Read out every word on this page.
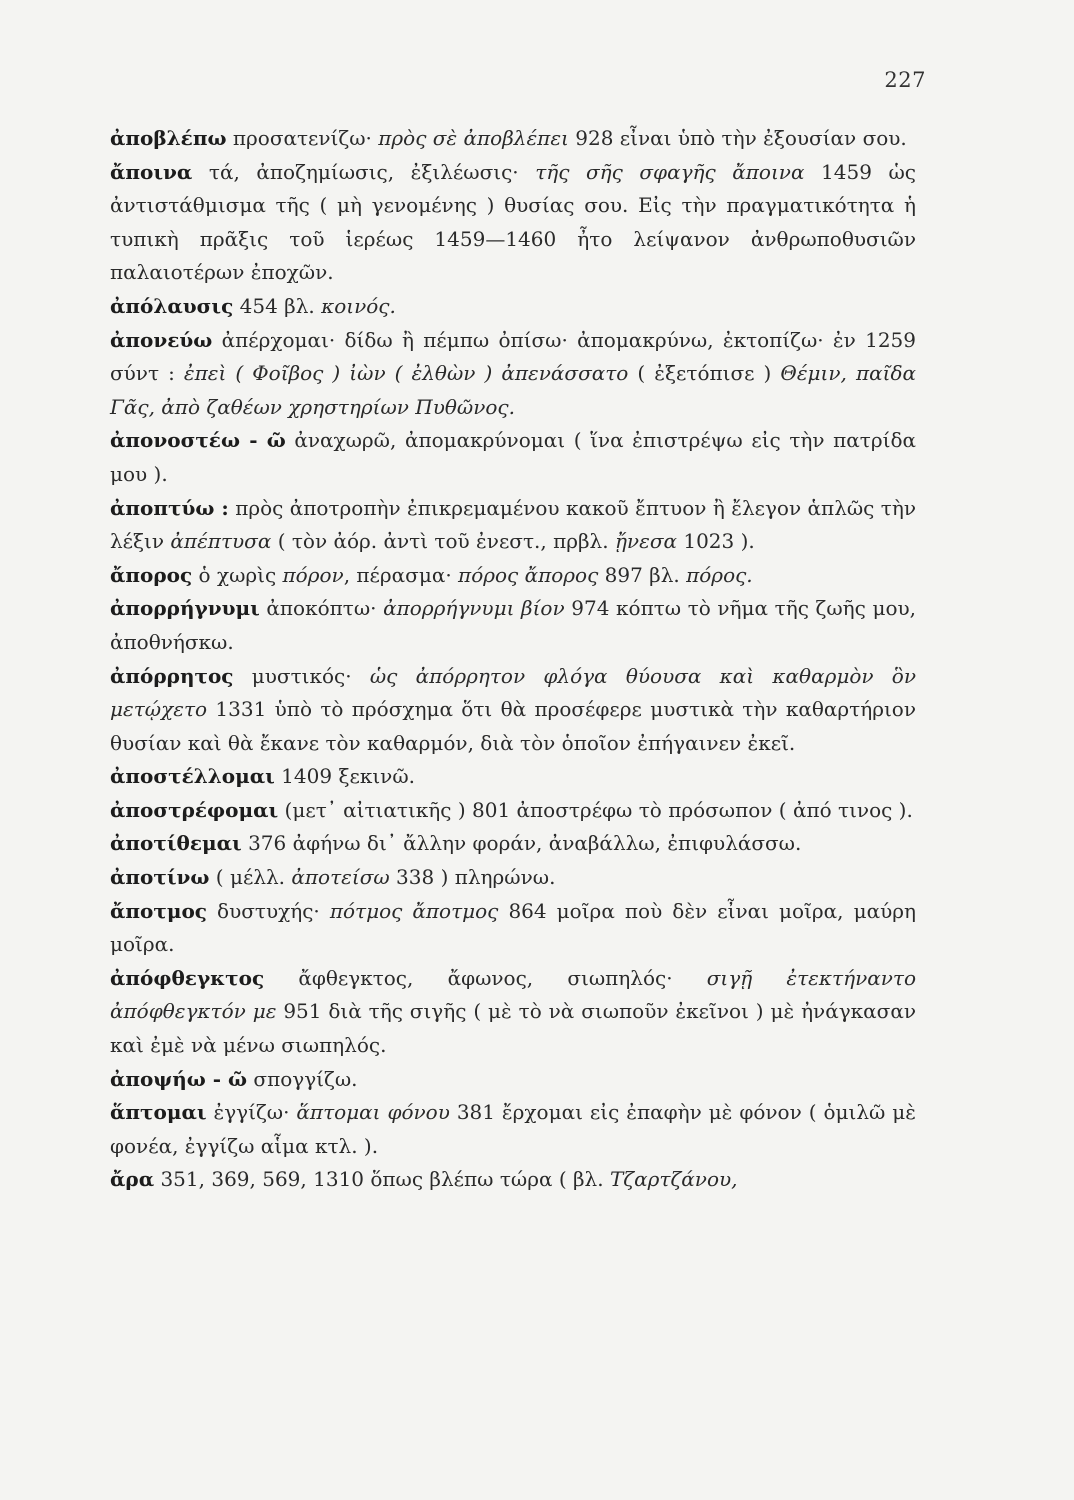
227

ἀποβλέπω προσατενίζω· πρὸς σὲ ἀποβλέπει 928 εἶναι ὑπὸ τὴν ἐξουσίαν σου.

ἄποινα τά, ἀποζημίωσις, ἐξιλέωσις· τῆς σῆς σφαγῆς ἄποινα 1459 ὡς ἀντιστάθμισμα τῆς ( μὴ γενομένης ) θυσίας σου. Εἰς τὴν πραγματικότητα ἡ τυπικὴ πρᾶξις τοῦ ἱερέως 1459—1460 ἦτο λείψανον ἀνθρωποθυσιῶν παλαιοτέρων ἐποχῶν.

ἀπόλαυσις 454 βλ. κοινός.

ἀπονεύω ἀπέρχομαι· δίδω ἢ πέμπω ὀπίσω· ἀπομακρύνω, ἐκτοπίζω· ἐν 1259 σύντ : ἐπεὶ ( Φοῖβος ) ἰὼν ( ἐλθὼν ) ἀπενάσσατο ( ἐξετόπισε ) Θέμιν, παῖδα Γᾶς, ἀπὸ ζαθέων χρηστηρίων Πυθῶνος.

ἀπονοστέω - ῶ ἀναχωρῶ, ἀπομακρύνομαι ( ἵνα ἐπιστρέψω εἰς τὴν πατρίδα μου ).

ἀποπτύω : πρὸς ἀποτροπὴν ἐπικρεμαμένου κακοῦ ἔπτυον ἢ ἔλεγον ἁπλῶς τὴν λέξιν ἀπέπτυσα ( τὸν ἀόρ. ἀντὶ τοῦ ἐνεστ., πρβλ. ᾔνεσα 1023 ).

ἄπορος ὁ χωρὶς πόρον, πέρασμα· πόρος ἄπορος 897 βλ. πόρος.

ἀπορρήγνυμι ἀποκόπτω· ἀπορρήγνυμι βίον 974 κόπτω τὸ νῆμα τῆς ζωῆς μου, ἀποθνήσκω.

ἀπόρρητος μυστικός· ὡς ἀπόρρητον φλόγα θύουσα καὶ καθαρμὸν ὃν μετῴχετο 1331 ὑπὸ τὸ πρόσχημα ὅτι θὰ προσέφερε μυστικὰ τὴν καθαρτήριον θυσίαν καὶ θὰ ἔκανε τὸν καθαρμόν, διὰ τὸν ὁποῖον ἐπήγαινεν ἐκεῖ.

ἀποστέλλομαι 1409 ξεκινῶ.

ἀποστρέφομαι (μετ᾽ αἰτιατικῆς ) 801 ἀποστρέφω τὸ πρόσωπον ( ἀπό τινος ).

ἀποτίθεμαι 376 ἀφήνω δι᾽ ἄλλην φοράν, ἀναβάλλω, ἐπιφυλάσσω.

ἀποτίνω ( μέλλ. ἀποτείσω 338 ) πληρώνω.

ἄποτμος δυστυχής· πότμος ἄποτμος 864 μοῖρα ποὺ δὲν εἶναι μοῖρα, μαύρη μοῖρα.

ἀπόφθεγκτος ἄφθεγκτος, ἄφωνος, σιωπηλός· σιγῇ ἐτεκτήναντο ἀπόφθεγκτόν με 951 διὰ τῆς σιγῆς ( μὲ τὸ νὰ σιωποῦν ἐκεῖνοι ) μὲ ἠνάγκασαν καὶ ἐμὲ νὰ μένω σιωπηλός.

ἀποψήω - ῶ σπογγίζω.

ἅπτομαι ἐγγίζω· ἅπτομαι φόνου 381 ἔρχομαι εἰς ἐπαφὴν μὲ φόνον ( ὁμιλῶ μὲ φονέα, ἐγγίζω αἷμα κτλ. ).

ἄρα 351, 369, 569, 1310 ὅπως βλέπω τώρα ( βλ. Τζαρτζάνου,
